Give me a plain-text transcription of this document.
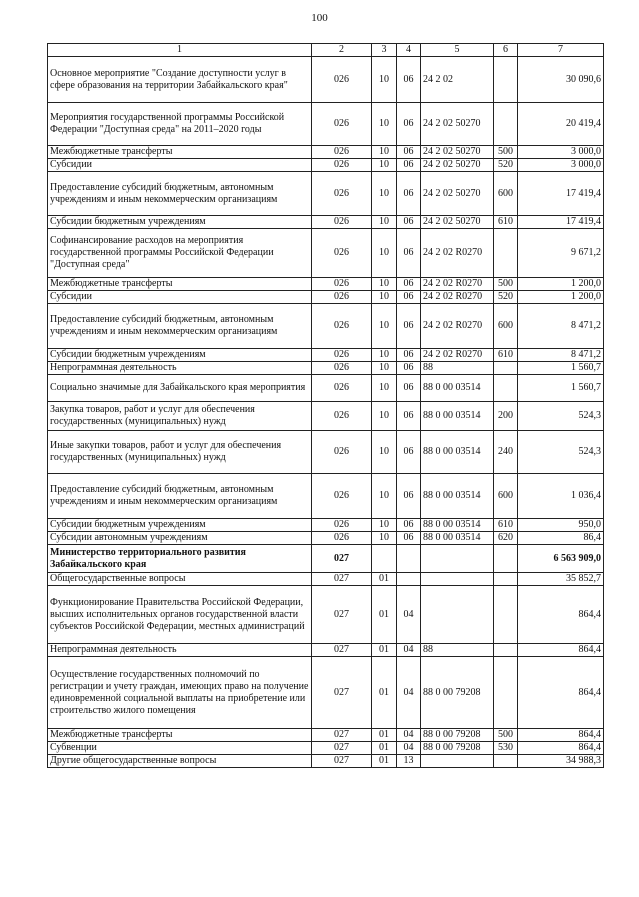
100
1	2	3	4	5	6	7
Основное мероприятие "Создание доступности услуг в сфере образования на территории Забайкальского края"	026	10	06	24 2 02		30 090,6
Мероприятия государственной программы Российской Федерации "Доступная среда" на 2011–2020 годы	026	10	06	24 2 02 50270		20 419,4
Межбюджетные трансферты	026	10	06	24 2 02 50270	500	3 000,0
Субсидии	026	10	06	24 2 02 50270	520	3 000,0
Предоставление субсидий бюджетным, автономным учреждениям и иным некоммерческим организациям	026	10	06	24 2 02 50270	600	17 419,4
Субсидии бюджетным учреждениям	026	10	06	24 2 02 50270	610	17 419,4
Софинансирование расходов на мероприятия государственной программы Российской Федерации "Доступная среда"	026	10	06	24 2 02 R0270		9 671,2
Межбюджетные трансферты	026	10	06	24 2 02 R0270	500	1 200,0
Субсидии	026	10	06	24 2 02 R0270	520	1 200,0
Предоставление субсидий бюджетным, автономным учреждениям и иным некоммерческим организациям	026	10	06	24 2 02 R0270	600	8 471,2
Субсидии бюджетным учреждениям	026	10	06	24 2 02 R0270	610	8 471,2
Непрограммная деятельность	026	10	06	88		1 560,7
Социально значимые для Забайкальского края мероприятия	026	10	06	88 0 00 03514		1 560,7
Закупка товаров, работ и услуг для обеспечения государственных (муниципальных) нужд	026	10	06	88 0 00 03514	200	524,3
Иные закупки товаров, работ и услуг для обеспечения государственных (муниципальных) нужд	026	10	06	88 0 00 03514	240	524,3
Предоставление субсидий бюджетным, автономным учреждениям и иным некоммерческим организациям	026	10	06	88 0 00 03514	600	1 036,4
Субсидии бюджетным учреждениям	026	10	06	88 0 00 03514	610	950,0
Субсидии автономным учреждениям	026	10	06	88 0 00 03514	620	86,4
Министерство территориального развития Забайкальского края	027					6 563 909,0
Общегосударственные вопросы	027	01				35 852,7
Функционирование Правительства Российской Федерации, высших исполнительных органов государственной власти субъектов Российской Федерации, местных администраций	027	01	04			864,4
Непрограммная деятельность	027	01	04	88		864,4
Осуществление государственных полномочий по регистрации и учету граждан, имеющих право на получение единовременной социальной выплаты на приобретение или строительство жилого помещения	027	01	04	88 0 00 79208		864,4
Межбюджетные трансферты	027	01	04	88 0 00 79208	500	864,4
Субвенции	027	01	04	88 0 00 79208	530	864,4
Другие общегосударственные вопросы	027	01	13			34 988,3
